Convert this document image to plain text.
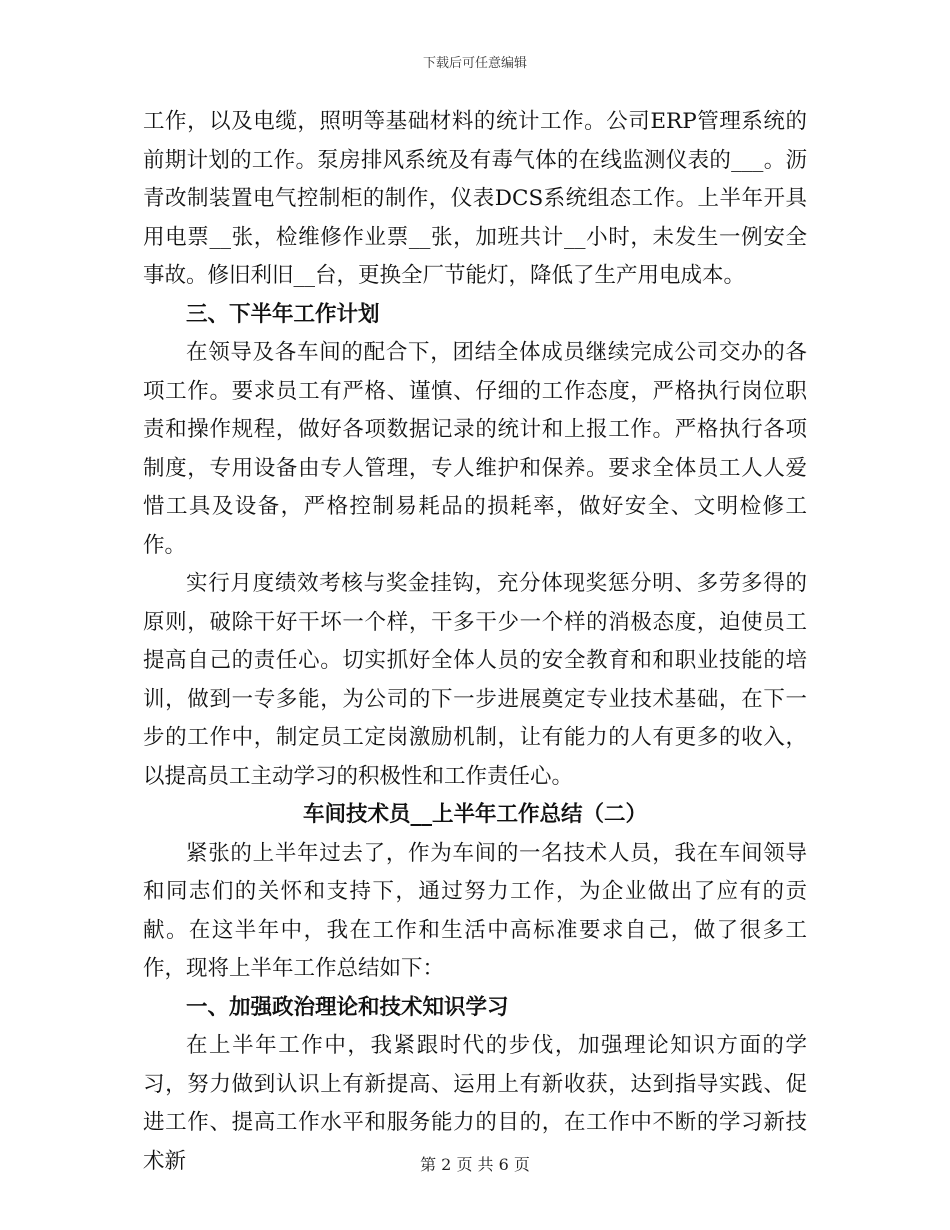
下载后可任意编辑

工作，以及电缆，照明等基础材料的统计工作。公司ERP管理系统的前期计划的工作。泵房排风系统及有毒气体的在线监测仪表的___。沥青改制装置电气控制柜的制作，仪表DCS系统组态工作。上半年开具用电票__张，检维修作业票__张，加班共计__小时，未发生一例安全事故。修旧利旧__台，更换全厂节能灯，降低了生产用电成本。

三、下半年工作计划

在领导及各车间的配合下，团结全体成员继续完成公司交办的各项工作。要求员工有严格、谨慎、仔细的工作态度，严格执行岗位职责和操作规程，做好各项数据记录的统计和上报工作。严格执行各项制度，专用设备由专人管理，专人维护和保养。要求全体员工人人爱惜工具及设备，严格控制易耗品的损耗率，做好安全、文明检修工作。

实行月度绩效考核与奖金挂钩，充分体现奖惩分明、多劳多得的原则，破除干好干坏一个样，干多干少一个样的消极态度，迫使员工提高自己的责任心。切实抓好全体人员的安全教育和和职业技能的培训，做到一专多能，为公司的下一步进展奠定专业技术基础，在下一步的工作中，制定员工定岗激励机制，让有能力的人有更多的收入，以提高员工主动学习的积极性和工作责任心。

车间技术员__上半年工作总结（二）

紧张的上半年过去了，作为车间的一名技术人员，我在车间领导和同志们的关怀和支持下，通过努力工作，为企业做出了应有的贡献。在这半年中，我在工作和生活中高标准要求自己，做了很多工作，现将上半年工作总结如下：

一、加强政治理论和技术知识学习

在上半年工作中，我紧跟时代的步伐，加强理论知识方面的学习，努力做到认识上有新提高、运用上有新收获，达到指导实践、促进工作、提高工作水平和服务能力的目的，在工作中不断的学习新技术新	第 2 页 共 6 页
